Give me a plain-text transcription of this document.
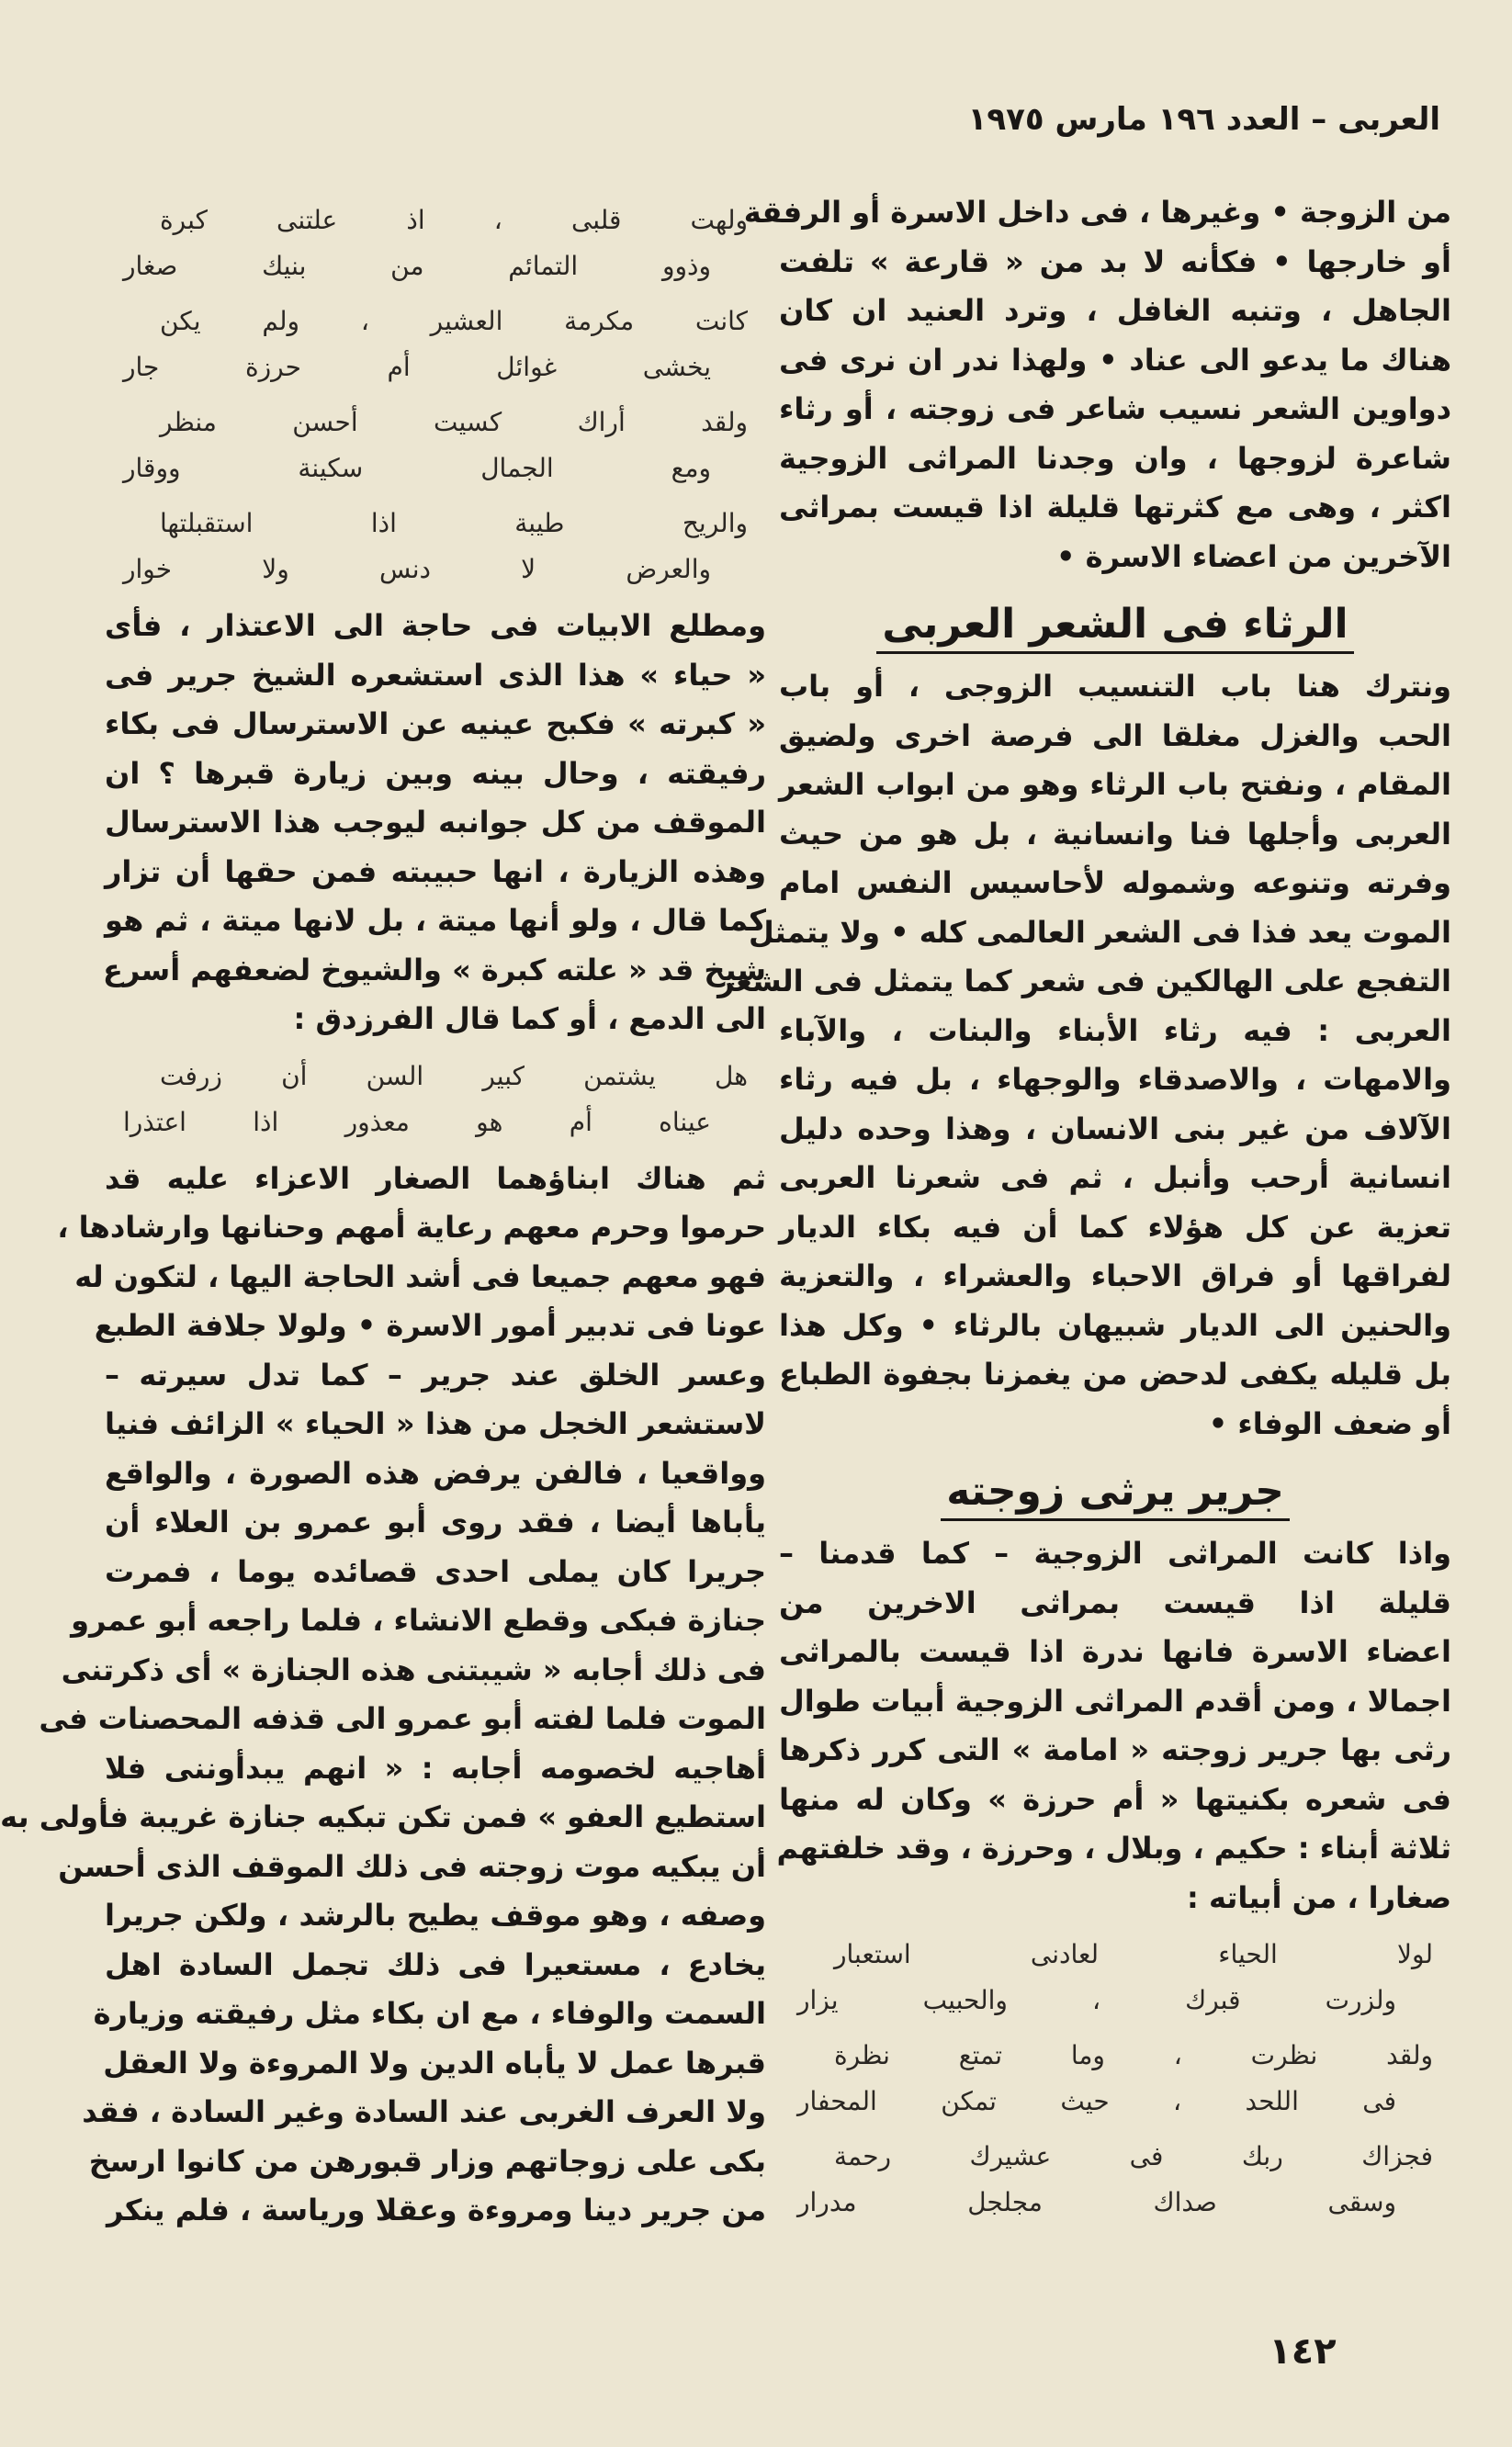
العربى – العدد ١٩٦ مارس ١٩٧٥
من الزوجة • وغيرها ، فى داخل الاسرة أو الرفقة
أو خارجها • فكأنه لا بد من « قارعة » تلفت
الجاهل ، وتنبه الغافل ، وترد العنيد ان كان
هناك ما يدعو الى عناد • ولهذا ندر ان نرى فى
دواوين الشعر نسيب شاعر فى زوجته ، أو رثاء
شاعرة لزوجها ، وان وجدنا المراثى الزوجية
اكثر ، وهى مع كثرتها قليلة اذا قيست بمراثى
الآخرين من اعضاء الاسرة •
الرثاء فى الشعر العربى
ونترك هنا باب التنسيب الزوجى ، أو باب
الحب والغزل مغلقا الى فرصة اخرى ولضيق
المقام ، ونفتح باب الرثاء وهو من ابواب الشعر
العربى وأجلها فنا وانسانية ، بل هو من حيث
وفرته وتنوعه وشموله لأحاسيس النفس امام
الموت يعد فذا فى الشعر العالمى كله • ولا يتمثل
التفجع على الهالكين فى شعر كما يتمثل فى الشعر
العربى : فيه رثاء الأبناء والبنات ، والآباء
والامهات ، والاصدقاء والوجهاء ، بل فيه رثاء
الآلاف من غير بنى الانسان ، وهذا وحده دليل
انسانية أرحب وأنبل ، ثم فى شعرنا العربى
تعزية عن كل هؤلاء كما أن فيه بكاء الديار
لفراقها أو فراق الاحباء والعشراء ، والتعزية
والحنين الى الديار شبيهان بالرثاء • وكل هذا
بل قليله يكفى لدحض من يغمزنا بجفوة الطباع
أو ضعف الوفاء •
جرير يرثى زوجته
واذا كانت المراثى الزوجية – كما قدمنا –
قليلة اذا قيست بمراثى الاخرين من
اعضاء الاسرة فانها ندرة اذا قيست بالمراثى
اجمالا ، ومن أقدم المراثى الزوجية أبيات طوال
رثى بها جرير زوجته « امامة » التى كرر ذكرها
فى شعره بكنيتها « أم حرزة » وكان له منها
ثلاثة أبناء : حكيم ، وبلال ، وحرزة ، وقد خلفتهم
صغارا ، من أبياته :
لولا الحياء لعادنى استعبار
ولزرت قبرك ، والحبيب يزار
ولقد نظرت ، وما تمتع نظرة
فى اللحد ، حيث تمكن المحفار
فجزاك ربك فى عشيرك رحمة
وسقى صداك مجلجل مدرار
ولهت قلبى ، اذ علتنى كبرة
وذوو التمائم من بنيك صغار
كانت مكرمة العشير ، ولم يكن
يخشى غوائل أم حرزة جار
ولقد أراك كسيت أحسن منظر
ومع الجمال سكينة ووقار
والريح طيبة اذا استقبلتها
والعرض لا دنس ولا خوار
ومطلع الابيات فى حاجة الى الاعتذار ، فأى
« حياء » هذا الذى استشعره الشيخ جرير فى
« كبرته » فكبح عينيه عن الاسترسال فى بكاء
رفيقته ، وحال بينه وبين زيارة قبرها ؟ ان
الموقف من كل جوانبه ليوجب هذا الاسترسال
وهذه الزيارة ، انها حبيبته فمن حقها أن تزار
كما قال ، ولو أنها ميتة ، بل لانها ميتة ، ثم هو
شيخ قد « علته كبرة » والشيوخ لضعفهم أسرع
الى الدمع ، أو كما قال الفرزدق :
هل يشتمن كبير السن أن زرفت
عيناه أم هو معذور اذا اعتذرا
ثم هناك ابناؤهما الصغار الاعزاء عليه قد
حرموا وحرم معهم رعاية أمهم وحنانها وارشادها ،
فهو معهم جميعا فى أشد الحاجة اليها ، لتكون له
عونا فى تدبير أمور الاسرة • ولولا جلافة الطبع
وعسر الخلق عند جرير – كما تدل سيرته –
لاستشعر الخجل من هذا « الحياء » الزائف فنيا
وواقعيا ، فالفن يرفض هذه الصورة ، والواقع
يأباها أيضا ، فقد روى أبو عمرو بن العلاء أن
جريرا كان يملى احدى قصائده يوما ، فمرت
جنازة فبكى وقطع الانشاء ، فلما راجعه أبو عمرو
فى ذلك أجابه « شيبتنى هذه الجنازة » أى ذكرتنى
الموت فلما لفته أبو عمرو الى قذفه المحصنات فى
أهاجيه لخصومه أجابه : « انهم يبدأوننى فلا
استطيع العفو » فمن تكن تبكيه جنازة غريبة فأولى به
أن يبكيه موت زوجته فى ذلك الموقف الذى أحسن
وصفه ، وهو موقف يطيح بالرشد ، ولكن جريرا
يخادع ، مستعيرا فى ذلك تجمل السادة اهل
السمت والوفاء ، مع ان بكاء مثل رفيقته وزيارة
قبرها عمل لا يأباه الدين ولا المروءة ولا العقل
ولا العرف الغربى عند السادة وغير السادة ، فقد
بكى على زوجاتهم وزار قبورهن من كانوا ارسخ
من جرير دينا ومروءة وعقلا ورياسة ، فلم ينكر
١٤٢
